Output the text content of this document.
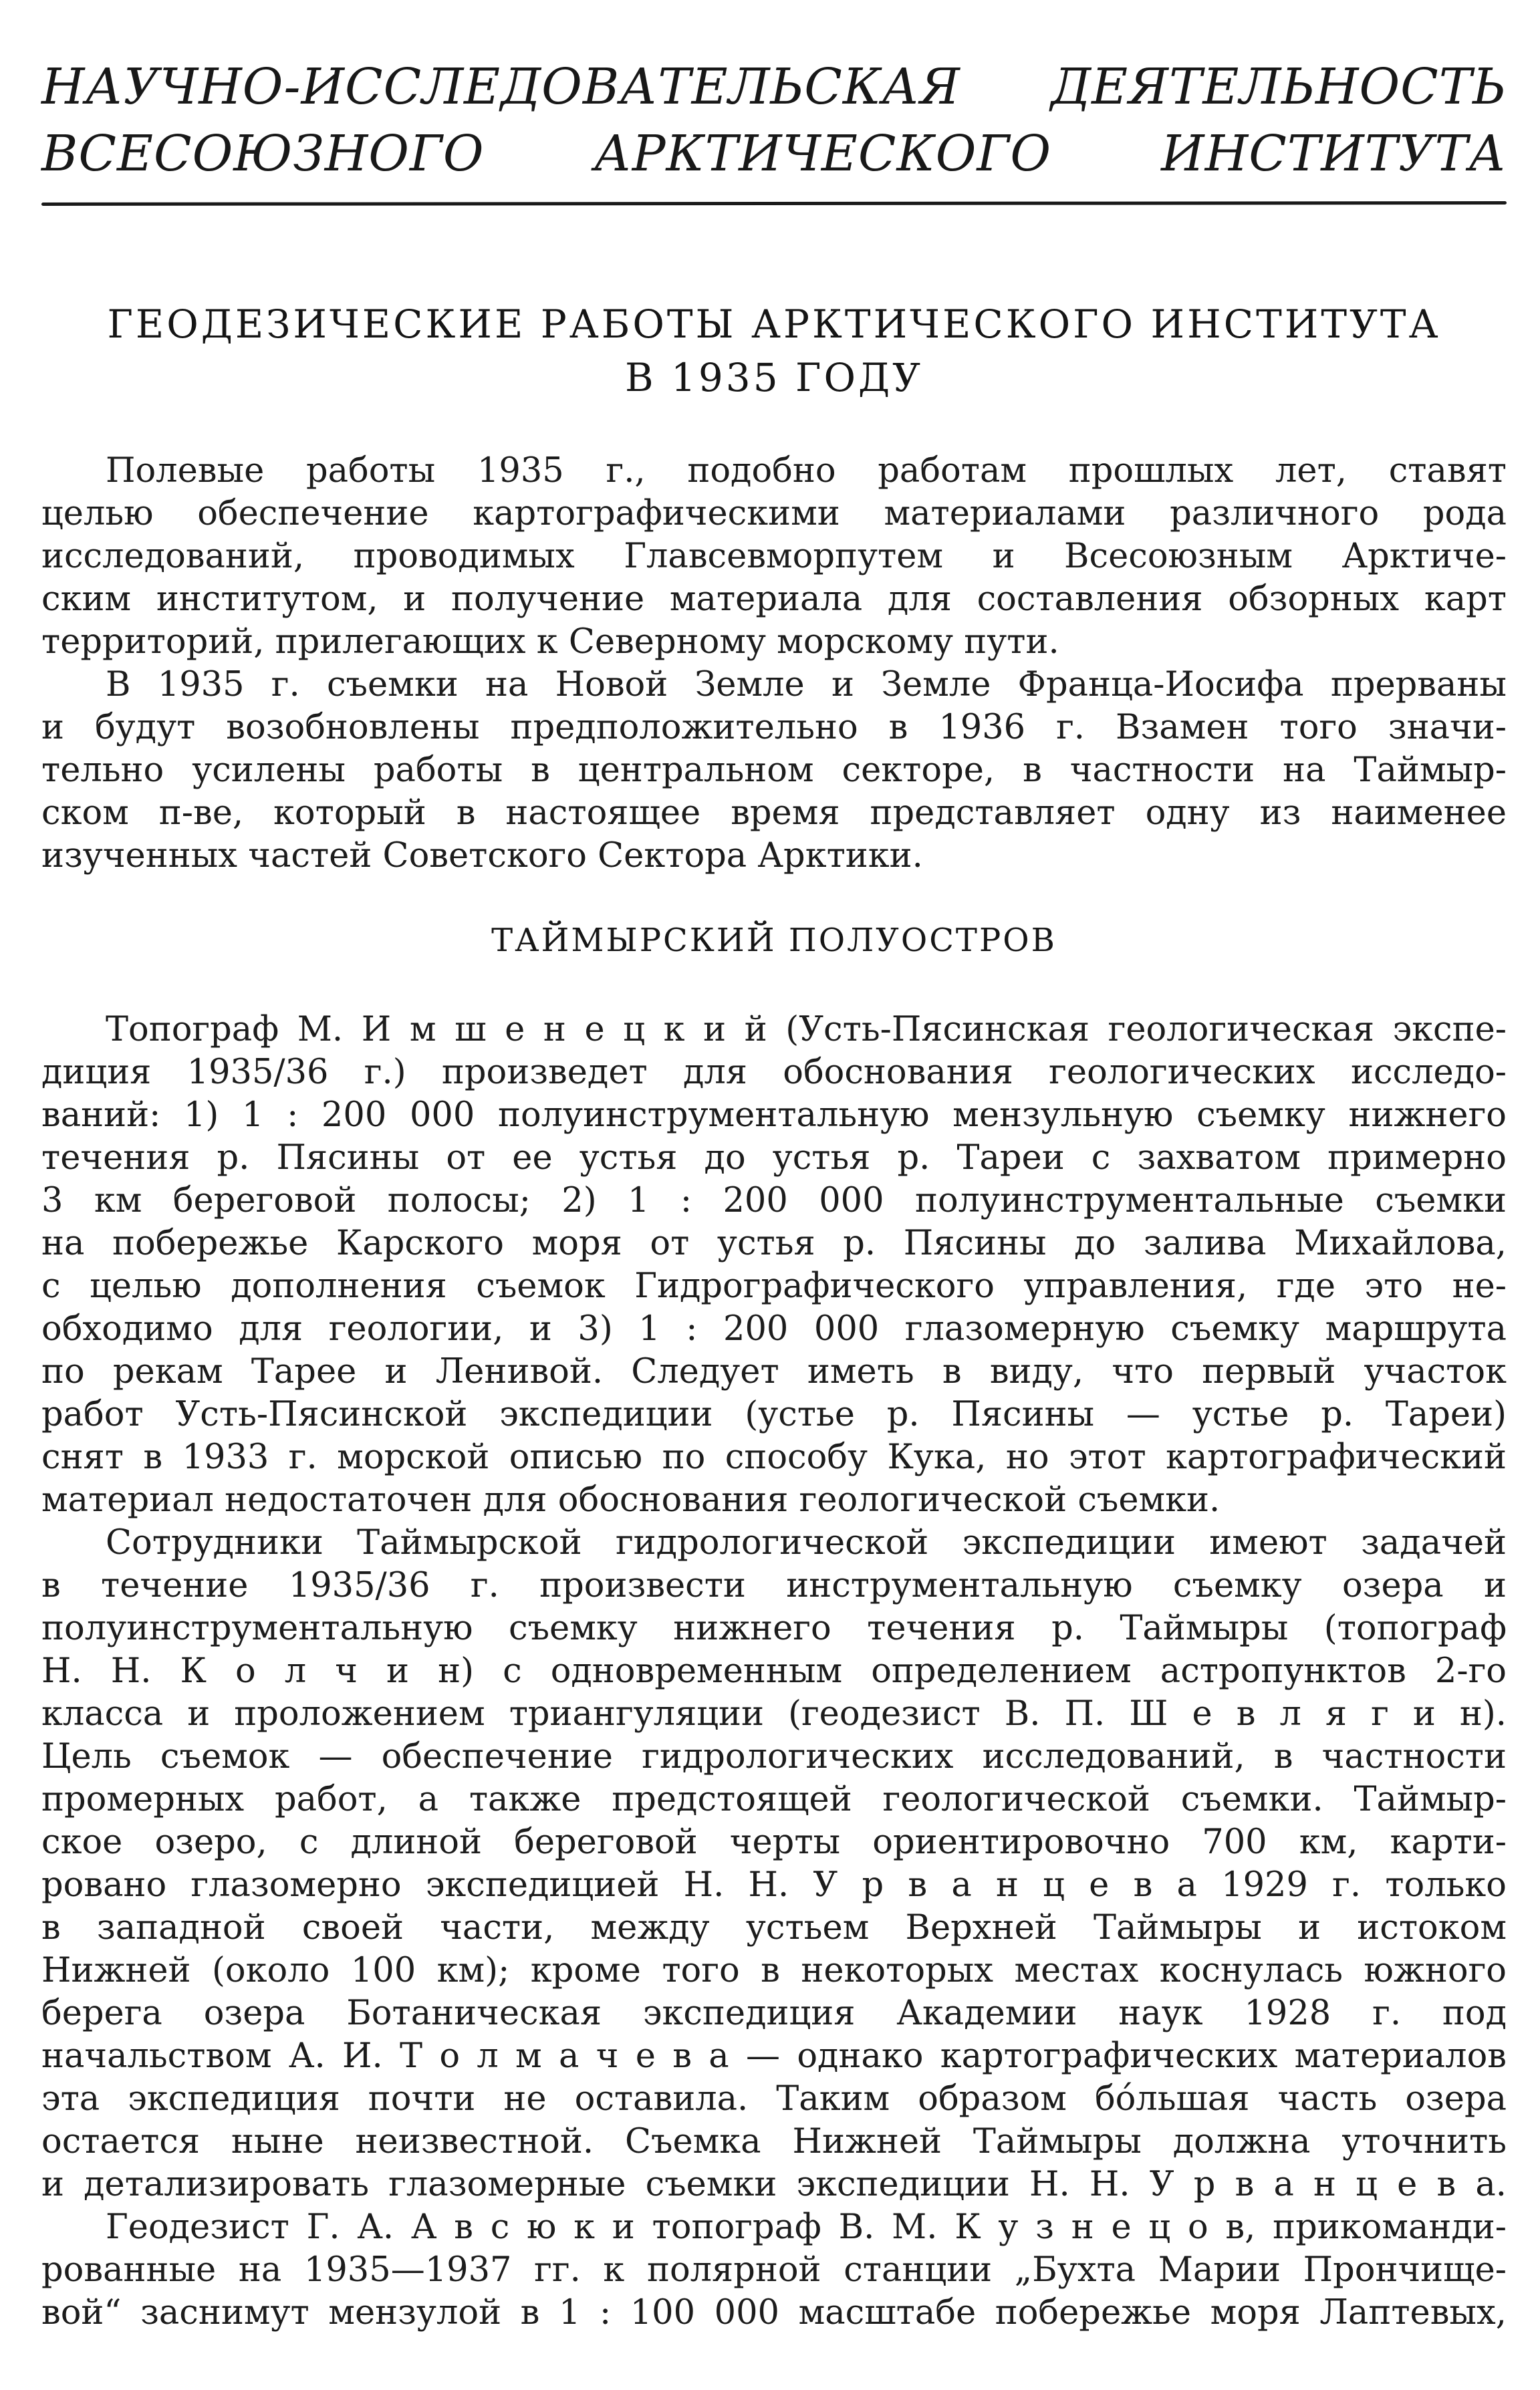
НАУЧНО-ИССЛЕДОВАТЕЛЬСКАЯ ДЕЯТЕЛЬНОСТЬ
ВСЕСОЮЗНОГО АРКТИЧЕСКОГО ИНСТИТУТА
ГЕОДЕЗИЧЕСКИЕ РАБОТЫ АРКТИЧЕСКОГО ИНСТИТУТА
В 1935 ГОДУ
Полевые работы 1935 г., подобно работам прошлых лет, ставят
целью обеспечение картографическими материалами различного рода
исследований, проводимых Главсевморпутем и Всесоюзным Арктиче-
ским институтом, и получение материала для составления обзорных карт
территорий, прилегающих к Северному морскому пути.
В 1935 г. съемки на Новой Земле и Земле Франца-Иосифа прерваны
и будут возобновлены предположительно в 1936 г. Взамен того значи-
тельно усилены работы в центральном секторе, в частности на Таймыр-
ском п-ве, который в настоящее время представляет одну из наименее
изученных частей Советского Сектора Арктики.
ТАЙМЫРСКИЙ ПОЛУОСТРОВ
Топограф М. И м ш е н е ц к и й (Усть-Пясинская геологическая экспе-
диция 1935/36 г.) произведет для обоснования геологических исследо-
ваний: 1) 1 : 200 000 полуинструментальную мензульную съемку нижнего
течения р. Пясины от ее устья до устья р. Тареи с захватом примерно
3 км береговой полосы; 2) 1 : 200 000 полуинструментальные съемки
на побережье Карского моря от устья р. Пясины до залива Михайлова,
с целью дополнения съемок Гидрографического управления, где это не-
обходимо для геологии, и 3) 1 : 200 000 глазомерную съемку маршрута
по рекам Тарее и Ленивой. Следует иметь в виду, что первый участок
работ Усть-Пясинской экспедиции (устье р. Пясины — устье р. Тареи)
снят в 1933 г. морской описью по способу Кука, но этот картографический
материал недостаточен для обоснования геологической съемки.
Сотрудники Таймырской гидрологической экспедиции имеют задачей
в течение 1935/36 г. произвести инструментальную съемку озера и
полуинструментальную съемку нижнего течения р. Таймыры (топограф
Н. Н. К о л ч и н) с одновременным определением астропунктов 2-го
класса и проложением триангуляции (геодезист В. П. Ш е в л я г и н).
Цель съемок — обеспечение гидрологических исследований, в частности
промерных работ, а также предстоящей геологической съемки. Таймыр-
ское озеро, с длиной береговой черты ориентировочно 700 км, карти-
ровано глазомерно экспедицией Н. Н. У р в а н ц е в а 1929 г. только
в западной своей части, между устьем Верхней Таймыры и истоком
Нижней (около 100 км); кроме того в некоторых местах коснулась южного
берега озера Ботаническая экспедиция Академии наук 1928 г. под
начальством А. И. Т о л м а ч е в а — однако картографических материалов
эта экспедиция почти не оставила. Таким образом бо́льшая часть озера
остается ныне неизвестной. Съемка Нижней Таймыры должна уточнить
и детализировать глазомерные съемки экспедиции Н. Н. У р в а н ц е в а.
Геодезист Г. А. А в с ю к и топограф В. М. К у з н е ц о в, прикоманди-
рованные на 1935—1937 гг. к полярной станции „Бухта Марии Прончище-
вой“ заснимут мензулой в 1 : 100 000 масштабе побережье моря Лаптевых,
